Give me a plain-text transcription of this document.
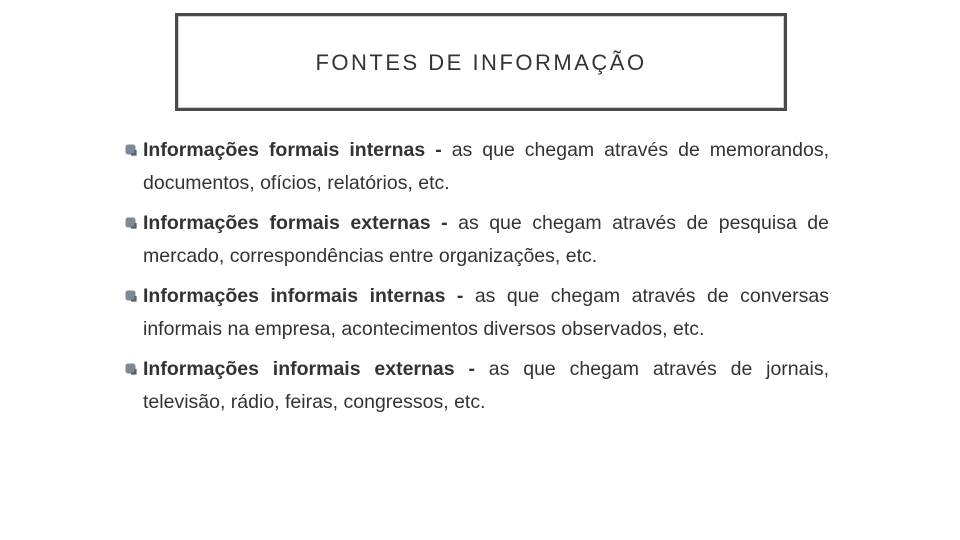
FONTES DE INFORMAÇÃO
Informações formais internas - as que chegam através de memorandos, documentos, ofícios, relatórios, etc.
Informações formais externas - as que chegam através de pesquisa de mercado, correspondências entre organizações, etc.
Informações informais internas - as que chegam através de conversas informais na empresa, acontecimentos diversos observados, etc.
Informações informais externas - as que chegam através de jornais, televisão, rádio, feiras, congressos, etc.
